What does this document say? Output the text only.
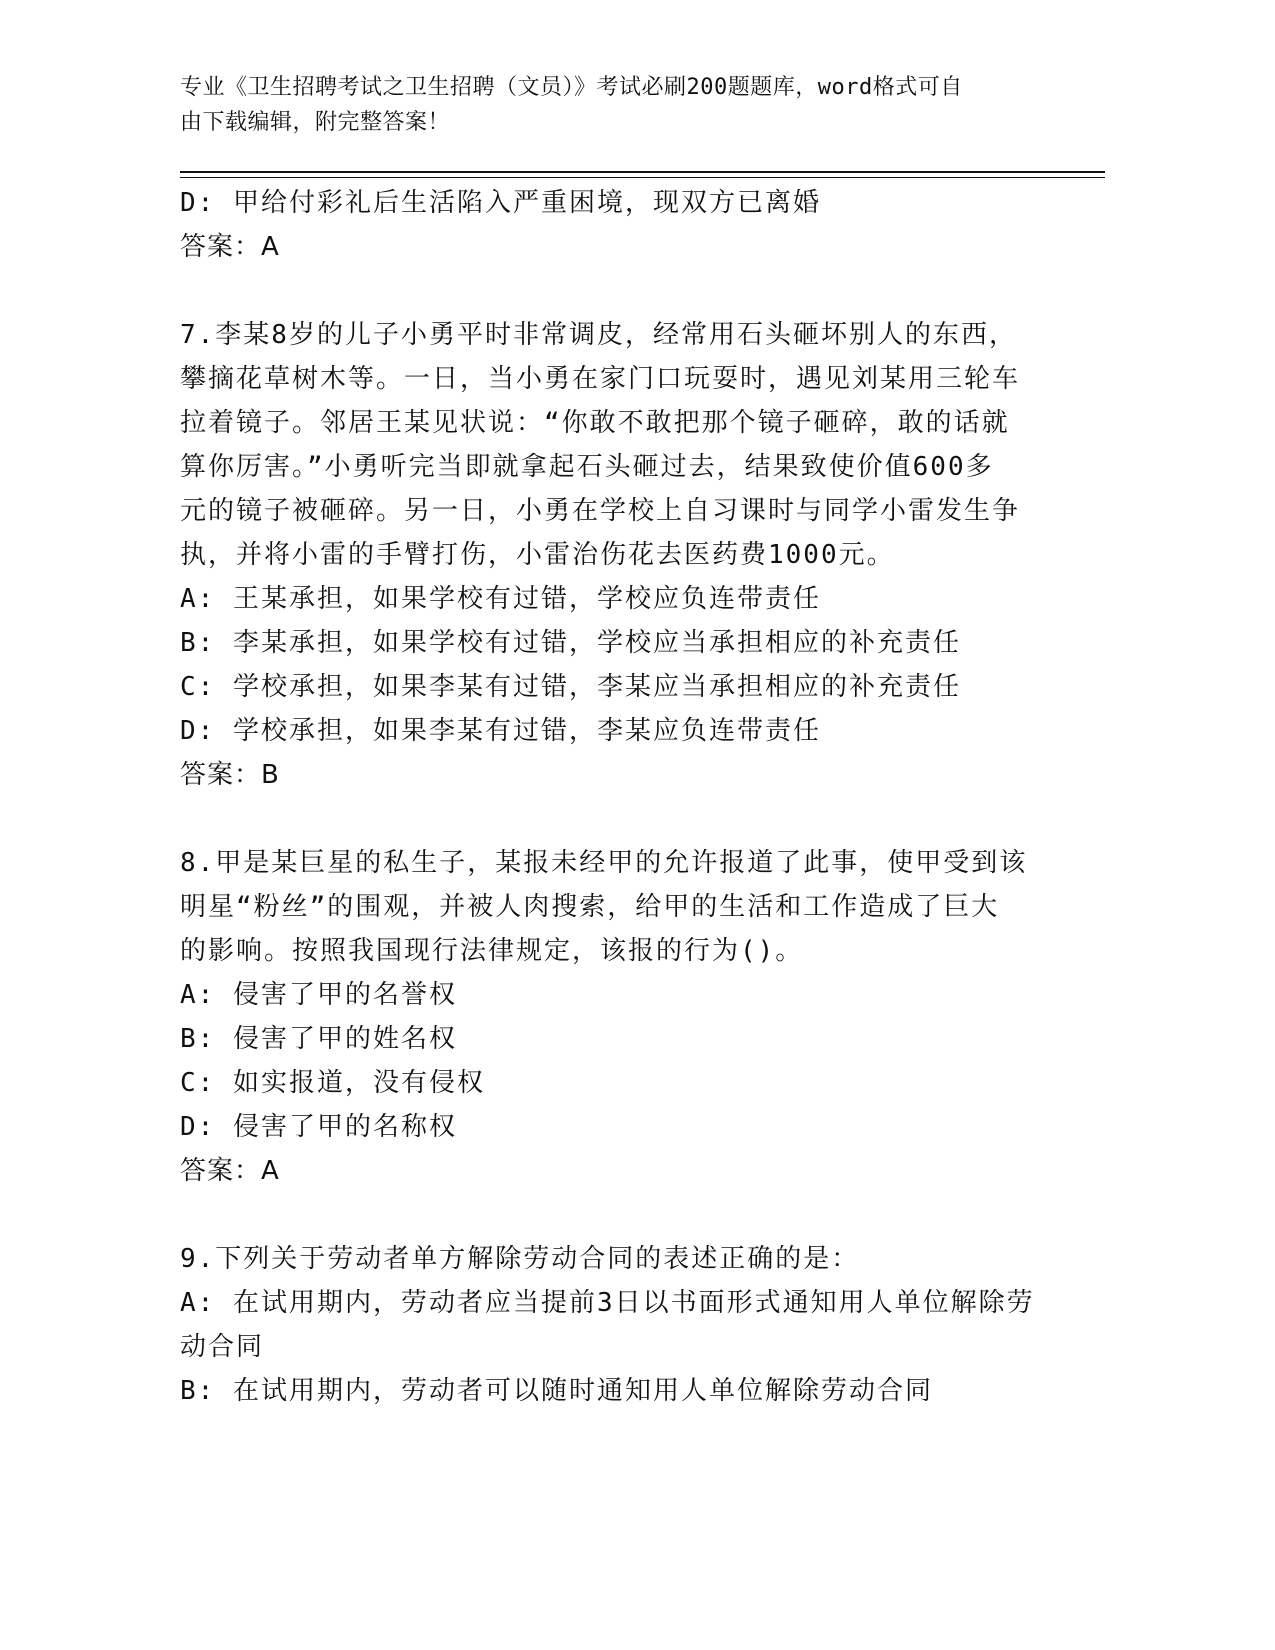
专业《卫生招聘考试之卫生招聘（文员）》考试必刷200题题库，word格式可自
由下载编辑，附完整答案！
D: 甲给付彩礼后生活陷入严重困境，现双方已离婚
答案：A
7.李某8岁的儿子小勇平时非常调皮，经常用石头砸坏别人的东西，
攀摘花草树木等。一日，当小勇在家门口玩耍时，遇见刘某用三轮车
拉着镜子。邻居王某见状说：“你敢不敢把那个镜子砸碎，敢的话就
算你厉害。”小勇听完当即就拿起石头砸过去，结果致使价值600多
元的镜子被砸碎。另一日，小勇在学校上自习课时与同学小雷发生争
执，并将小雷的手臂打伤，小雷治伤花去医药费1000元。
A: 王某承担，如果学校有过错，学校应负连带责任
B: 李某承担，如果学校有过错，学校应当承担相应的补充责任
C: 学校承担，如果李某有过错，李某应当承担相应的补充责任
D: 学校承担，如果李某有过错，李某应负连带责任
答案：B
8.甲是某巨星的私生子，某报未经甲的允许报道了此事，使甲受到该
明星“粉丝”的围观，并被人肉搜索，给甲的生活和工作造成了巨大
的影响。按照我国现行法律规定，该报的行为()。
A: 侵害了甲的名誉权
B: 侵害了甲的姓名权
C: 如实报道，没有侵权
D: 侵害了甲的名称权
答案：A
9.下列关于劳动者单方解除劳动合同的表述正确的是：
A: 在试用期内，劳动者应当提前3日以书面形式通知用人单位解除劳
动合同
B: 在试用期内，劳动者可以随时通知用人单位解除劳动合同
